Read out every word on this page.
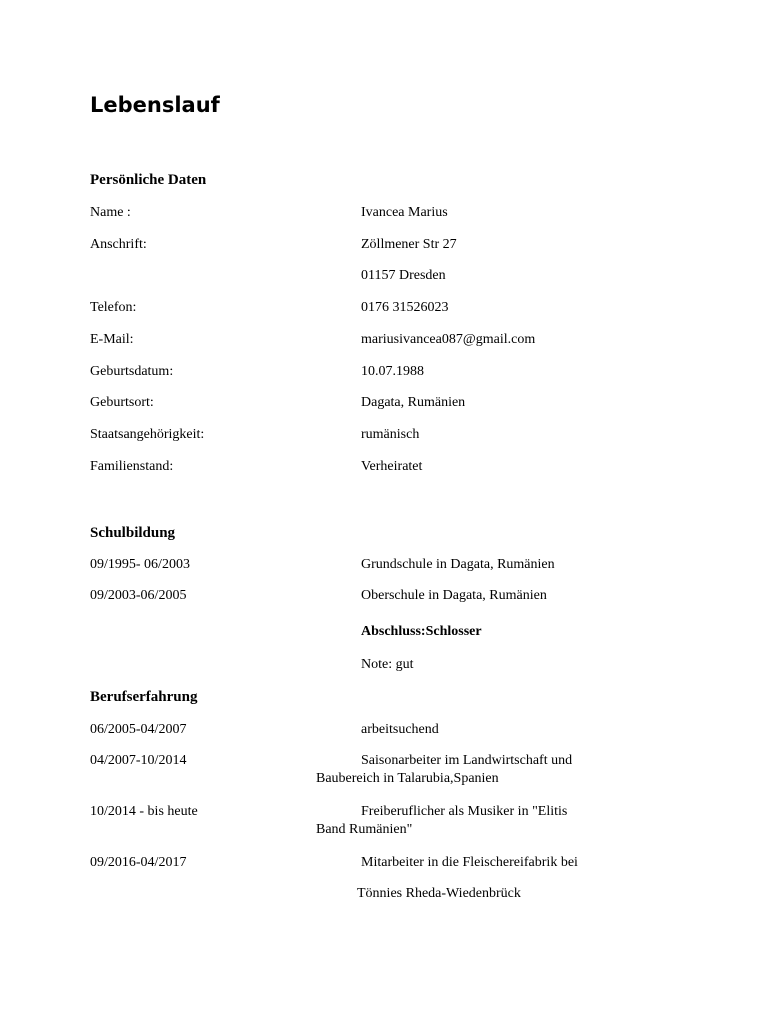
Lebenslauf
Persönliche Daten
Name :	Ivancea Marius
Anschrift:	Zöllmener Str 27
01157 Dresden
Telefon:	0176 31526023
E-Mail:	mariusivancea087@gmail.com
Geburtsdatum:	10.07.1988
Geburtsort:	Dagata, Rumänien
Staatsangehörigkeit:	rumänisch
Familienstand:	Verheiratet
Schulbildung
09/1995- 06/2003	Grundschule in Dagata, Rumänien
09/2003-06/2005	Oberschule in Dagata, Rumänien
Abschluss:Schlosser
Note: gut
Berufserfahrung
06/2005-04/2007	arbeitsuchend
04/2007-10/2014	Saisonarbeiter im Landwirtschaft und Baubereich in Talarubia,Spanien
10/2014 - bis heute	Freiberuflicher als Musiker in "Elitis Band Rumänien"
09/2016-04/2017	Mitarbeiter in die Fleischereifabrik bei
Tönnies Rheda-Wiedenbrück
